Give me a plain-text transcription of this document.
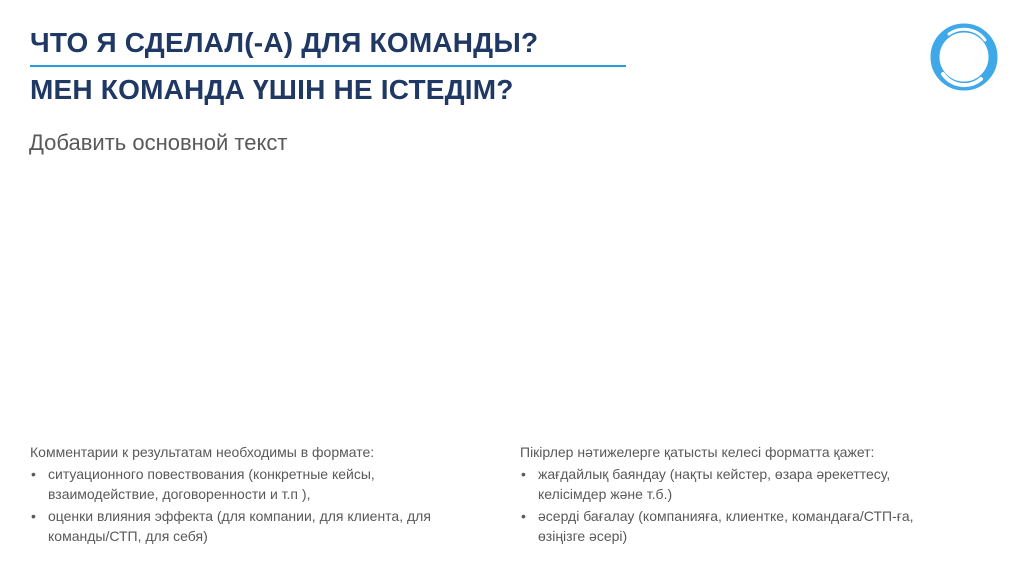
ЧТО Я СДЕЛАЛ(-А) ДЛЯ КОМАНДЫ?
МЕН КОМАНДА ҮШІН НЕ ІСТЕДІМ?
Добавить основной текст
Комментарии к результатам необходимы в формате:
• ситуационного повествования (конкретные кейсы,
взаимодействие, договоренности и т.п ),
• оценки влияния эффекта (для компании, для клиента, для
команды/СТП, для себя)
Пікірлер нәтижелерге қатысты келесі форматта қажет:
• жағдайлық баяндау (нақты кейстер, өзара әрекеттесу,
келісімдер және т.б.)
• әсерді бағалау (компанияға, клиентке, командаға/СТП-ға,
өзіңізге әсері)
